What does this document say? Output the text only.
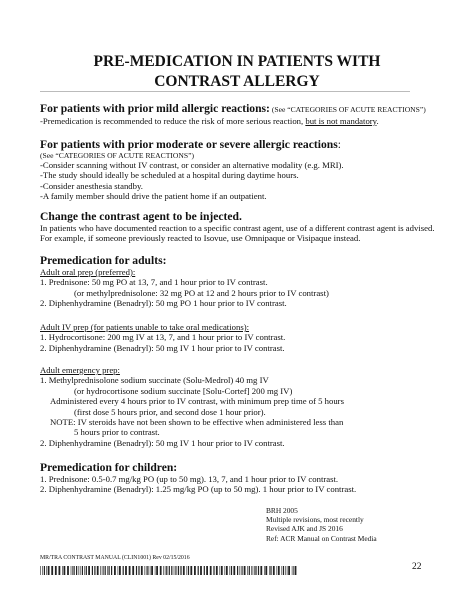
PRE-MEDICATION IN PATIENTS WITH
CONTRAST ALLERGY
For patients with prior mild allergic reactions: (See “CATEGORIES OF ACUTE REACTIONS”)
-Premedication is recommended to reduce the risk of more serious reaction, but is not mandatory.
For patients with prior moderate or severe allergic reactions:
(See “CATEGORIES OF ACUTE REACTIONS”)
-Consider scanning without IV contrast, or consider an alternative modality (e.g. MRI).
-The study should ideally be scheduled at a hospital during daytime hours.
-Consider anesthesia standby.
-A family member should drive the patient home if an outpatient.
Change the contrast agent to be injected.
In patients who have documented reaction to a specific contrast agent, use of a different contrast agent is advised. For example, if someone previously reacted to Isovue, use Omnipaque or Visipaque instead.
Premedication for adults:
Adult oral prep (preferred):
1. Prednisone: 50 mg PO at 13, 7, and 1 hour prior to IV contrast.
(or methylprednisolone: 32 mg PO at 12 and 2 hours prior to IV contrast)
2. Diphenhydramine (Benadryl): 50 mg PO 1 hour prior to IV contrast.
Adult IV prep (for patients unable to take oral medications):
1. Hydrocortisone: 200 mg IV at 13, 7, and 1 hour prior to IV contrast.
2. Diphenhydramine (Benadryl): 50 mg IV 1 hour prior to IV contrast.
Adult emergency prep:
1. Methylprednisolone sodium succinate (Solu-Medrol) 40 mg IV
(or hydrocortisone sodium succinate [Solu-Cortef] 200 mg IV)
Administered every 4 hours prior to IV contrast, with minimum prep time of 5 hours
(first dose 5 hours prior, and second dose 1 hour prior).
NOTE: IV steroids have not been shown to be effective when administered less than
5 hours prior to contrast.
2. Diphenhydramine (Benadryl): 50 mg IV 1 hour prior to IV contrast.
Premedication for children:
1. Prednisone: 0.5-0.7 mg/kg PO (up to 50 mg). 13, 7, and 1 hour prior to IV contrast.
2. Diphenhydramine (Benadryl): 1.25 mg/kg PO (up to 50 mg). 1 hour prior to IV contrast.
BRH 2005
Multiple revisions, most recently
Revised AJK and JS 2016
Ref: ACR Manual on Contrast Media
MR/TRA CONTRAST MANUAL (CLIN1001) Rev 02/15/2016
22
